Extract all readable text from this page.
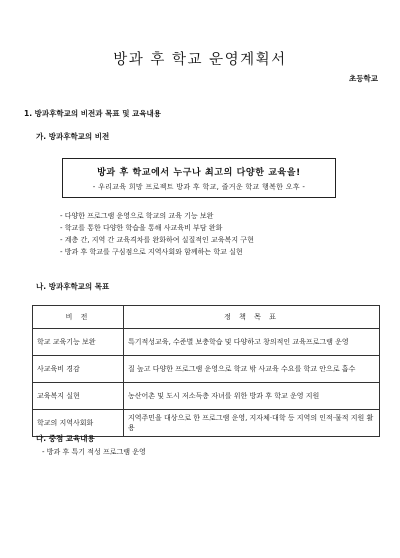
방과 후 학교 운영계획서
초등학교
1. 방과후학교의 비전과 목표 및 교육내용
가. 방과후학교의 비전
방과 후 학교에서 누구나 최고의 다양한 교육을!
- 우리교육 희망 프로젝트 방과 후 학교, 즐거운 학교 행복한 오후 -
- 다양한 프로그램 운영으로 학교의 교육 기능 보완
- 학교를 통한 다양한 학습을 통해 사교육비 부담 완화
- 계층 간, 지역 간 교육격차를 완화하여 실질적인 교육복지 구현
- 방과 후 학교를 구심점으로 지역사회와 함께하는 학교 실현
나. 방과후학교의 목표
비 전	정 책 목 표
학교 교육기능 보완	특기적성교육, 수준별 보충학습 및 다양하고 창의적인 교육프로그램 운영
사교육비 경감	질 높고 다양한 프로그램 운영으로 학교 밖 사교육 수요를 학교 안으로 흡수
교육복지 실현	농산어촌 및 도시 저소득층 자녀를 위한 방과 후 학교 운영 지원
학교의 지역사회화	지역주민을 대상으로 한 프로그램 운영, 지자체·대학 등 지역의 인적·물적 지원 활용
다. 중점 교육내용
- 방과 후 특기 적성 프로그램 운영
